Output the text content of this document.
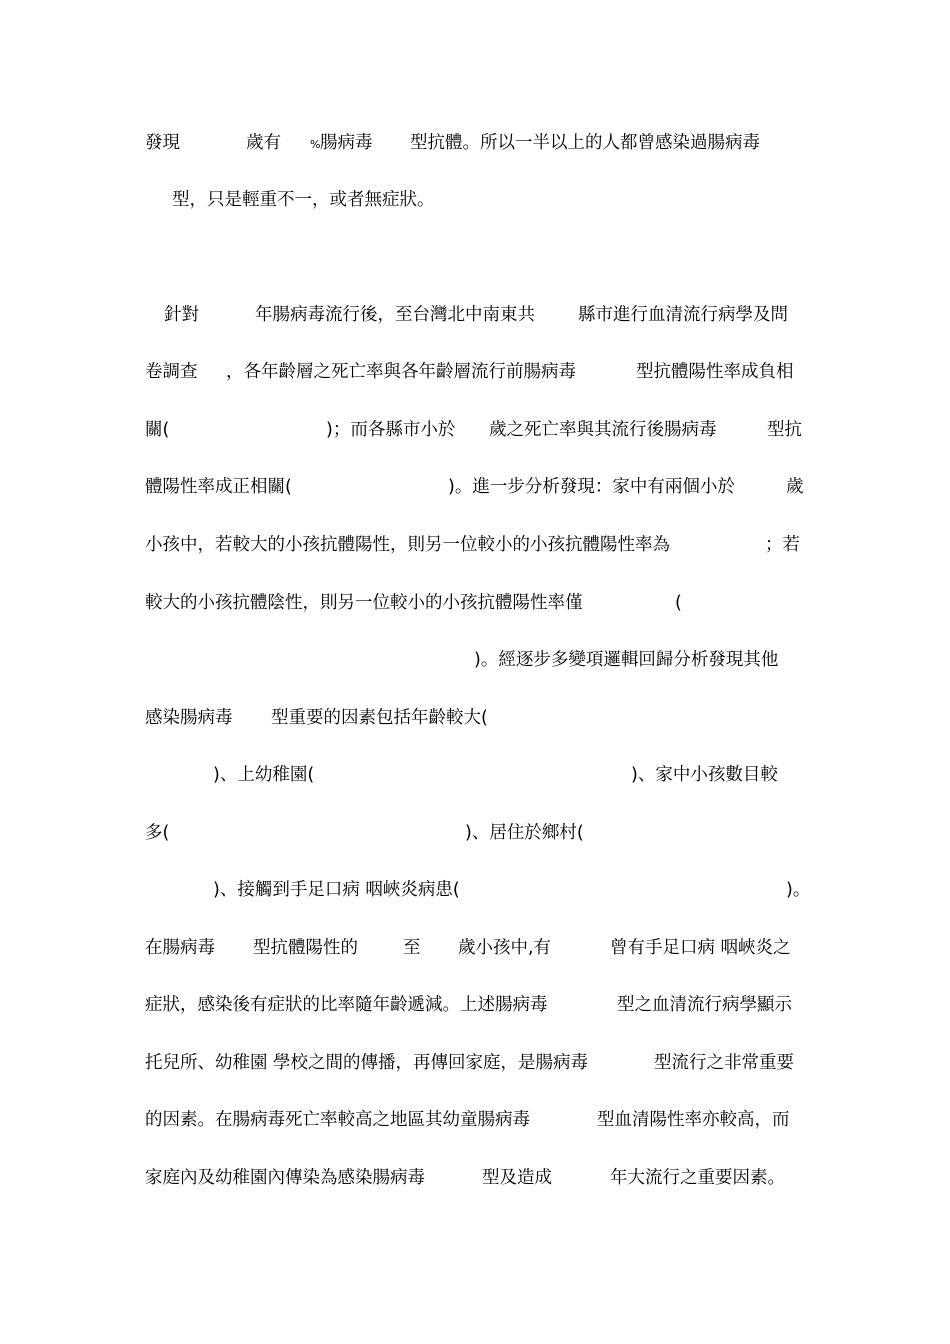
發現	歲有	% 腸病毒 型抗體。所以一半以上的人都曾感染過腸病毒
型，只是輕重不一，或者無症狀。
針對	年腸病毒流行後，至台灣北中南東共 縣市進行血清流行病學及問
卷調查 ，各年齡層之死亡率與各年齡層流行前腸病毒	型抗體陽性率成負相
關(	)；而各縣市小於 歲之死亡率與其流行後腸病毒	型抗
體陽性率成正相關(	)。進一步分析發現：家中有兩個小於	歲
小孩中，若較大的小孩抗體陽性，則另一位較小的小孩抗體陽性率為	；若
較大的小孩抗體陰性，則另一位較小的小孩抗體陽性率僅	(
)。經逐步多變項邏輯回歸分析發現其他
感染腸病毒 型重要的因素包括年齡較大(
)、上幼稚園(	)、家中小孩數目較
多(	)、居住於鄉村(
)、接觸到手足口病 咽峽炎病患(	)。
在腸病毒 型抗體陽性的	至 歲小孩中,有	曾有手足口病 咽峽炎之
症狀，感染後有症狀的比率隨年齡遞減。上述腸病毒	型之血清流行病學顯示
托兒所、幼稚園 學校之間的傳播，再傳回家庭，是腸病毒	型流行之非常重要
的因素。在腸病毒死亡率較高之地區其幼童腸病毒	型血清陽性率亦較高，而
家庭內及幼稚園內傳染為感染腸病毒	型及造成	年大流行之重要因素。
